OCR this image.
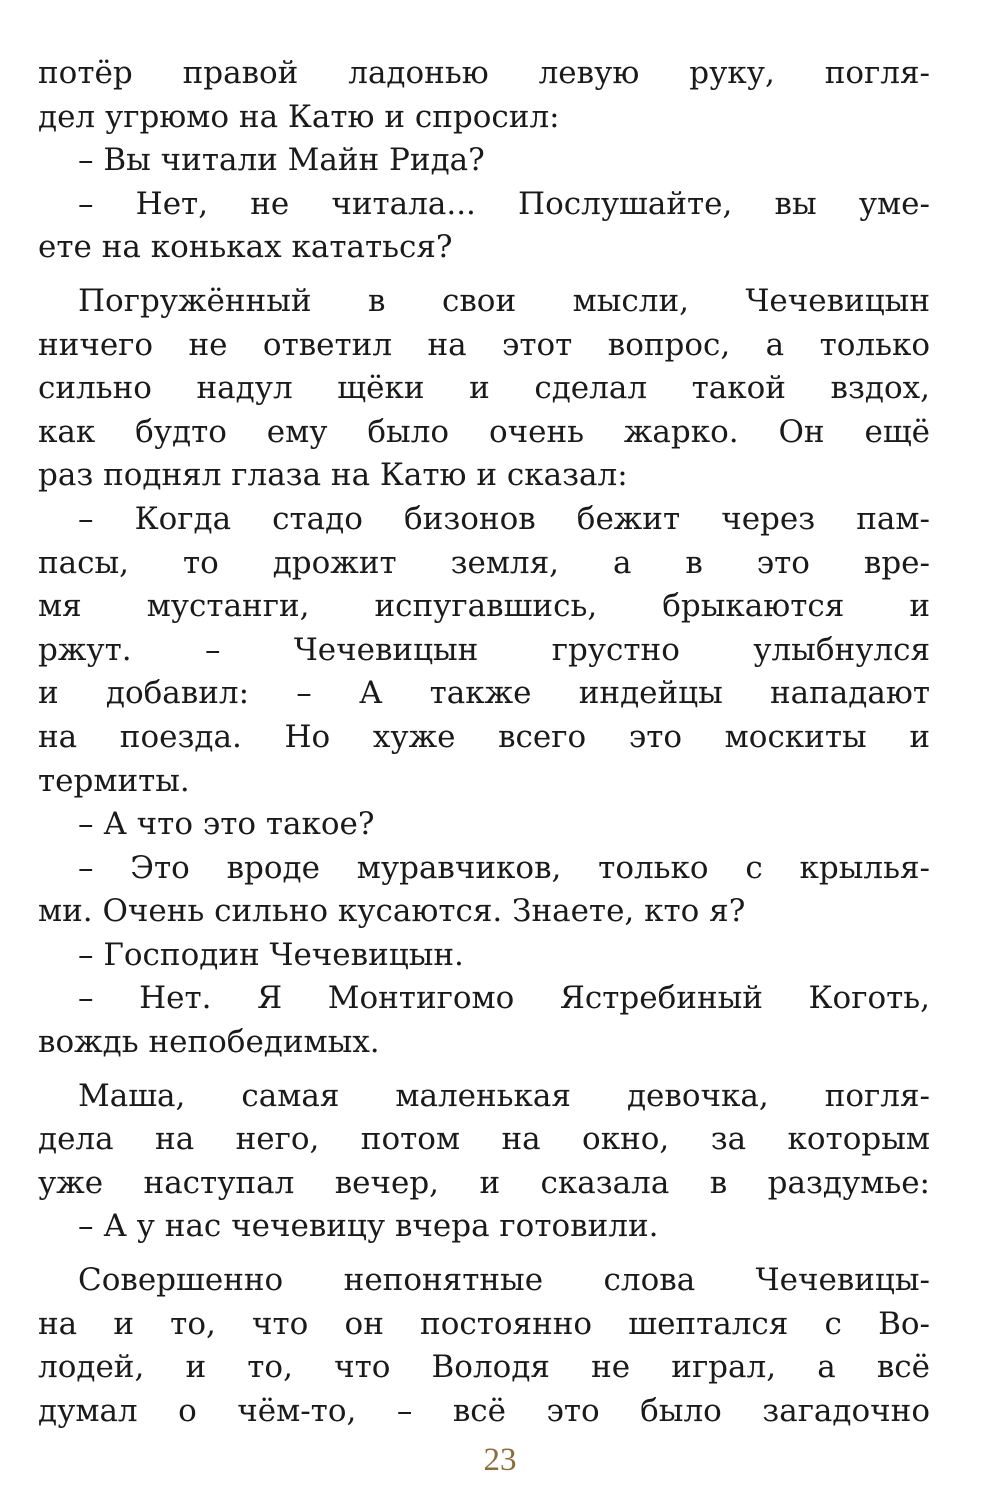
потёр правой ладонью левую руку, погля-
дел угрюмо на Катю и спросил:
– Вы читали Майн Рида?
– Нет, не читала... Послушайте, вы уме-
ете на коньках кататься?
Погружённый в свои мысли, Чечевицын
ничего не ответил на этот вопрос, а только
сильно надул щёки и сделал такой вздох,
как будто ему было очень жарко. Он ещё
раз поднял глаза на Катю и сказал:
– Когда стадо бизонов бежит через пам-
пасы, то дрожит земля, а в это вре-
мя мустанги, испугавшись, брыкаются и
ржут. – Чечевицын грустно улыбнулся
и добавил: – А также индейцы нападают
на поезда. Но хуже всего это москиты и
термиты.
– А что это такое?
– Это вроде муравчиков, только с крылья-
ми. Очень сильно кусаются. Знаете, кто я?
– Господин Чечевицын.
– Нет. Я Монтигомо Ястребиный Коготь,
вождь непобедимых.
Маша, самая маленькая девочка, погля-
дела на него, потом на окно, за которым
уже наступал вечер, и сказала в раздумье:
– А у нас чечевицу вчера готовили.
Совершенно непонятные слова Чечевицы-
на и то, что он постоянно шептался с Во-
лодей, и то, что Володя не играл, а всё
думал о чём-то, – всё это было загадочно
23
